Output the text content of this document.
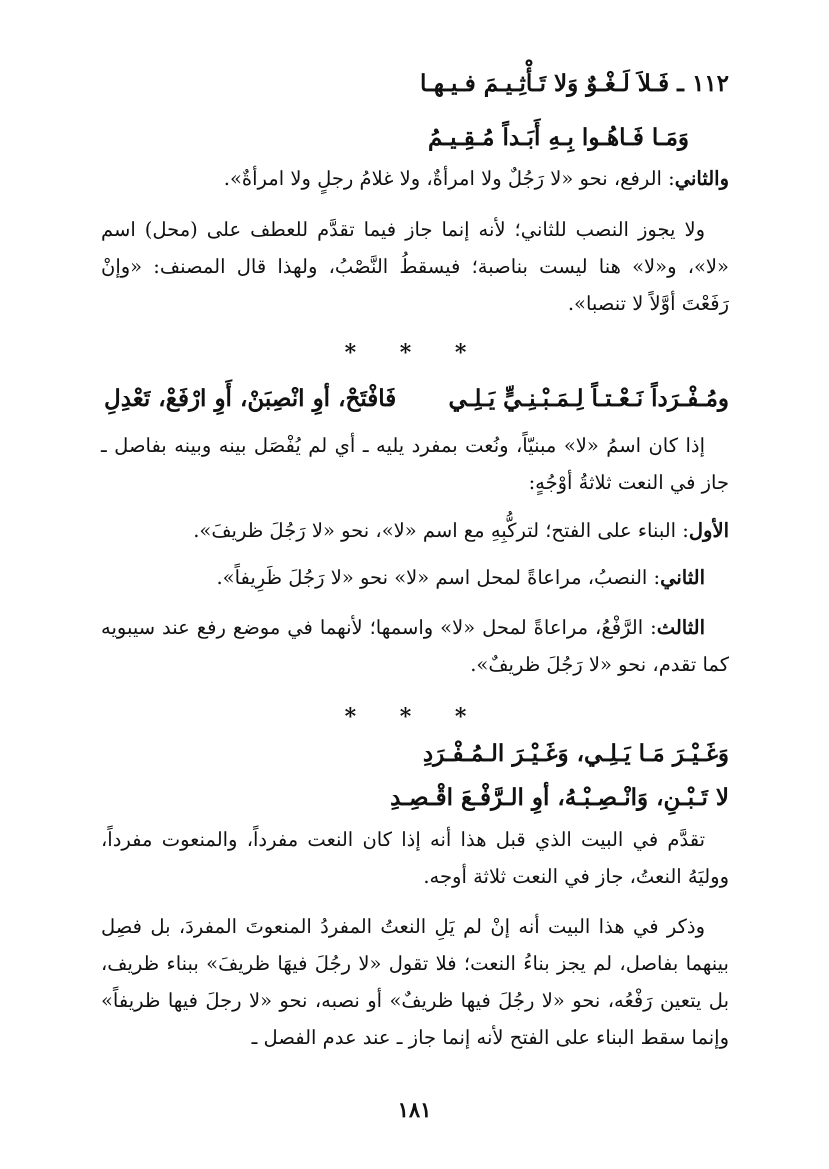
١١٢ ـ فَـلاَ لَـغْـوٌ وَلا تَـأْثِـيـمَ فـيـهـا
وَمَـا فَـاهُـوا بِـهِ أَبَـداً مُـقِـيـمُ

والثاني: الرفع، نحو «لا رَجُلٌ ولا امرأةٌ، ولا غلامُ رجلٍ ولا امرأةٌ».

ولا يجوز النصب للثاني؛ لأنه إنما جاز فيما تقدَّم للعطف على (محل) اسم «لا»، و«لا» هنا ليست بناصبة؛ فيسقطُ النَّصْبُ، ولهذا قال المصنف: «وإنْ رَفَعْتَ أوَّلاً لا تنصبا».

* * *
ومُـفْـرَداً نَـعْـتـاً لِـمَـبْـنِـيٍّ يَـلِـي
فَافْتَحْ، أوِ انْصِبَنْ، أَوِ ارْفَعْ، تَعْدِلِ

إذا كان اسمُ «لا» مبنيّاً، ونُعت بمفرد يليه ـ أي لم يُفْصَل بينه وبينه بفاصل ـ جاز في النعت ثلاثةُ أوْجُهٍ:

الأول: البناء على الفتح؛ لتركُّبِهِ مع اسم «لا»، نحو «لا رَجُلَ ظريفَ».

الثاني: النصبُ، مراعاةً لمحل اسم «لا» نحو «لا رَجُلَ ظَرِيفاً».

الثالث: الرَّفْعُ، مراعاةً لمحل «لا» واسمها؛ لأنهما في موضع رفع عند سيبويه كما تقدم، نحو «لا رَجُلَ ظريفٌ».

* * *
وَغَـيْـرَ مَـا يَـلِـي، وَغَـيْـرَ الـمُـفْـرَدِ
لا تَـبْـنِ، وَانْـصِـبْـهُ، أوِ الـرَّفْـعَ اقْـصِـدِ

تقدَّم في البيت الذي قبل هذا أنه إذا كان النعت مفرداً، والمنعوت مفرداً، ووليَهُ النعتُ، جاز في النعت ثلاثة أوجه.

وذكر في هذا البيت أنه إنْ لم يَلِ النعتُ المفردُ المنعوتَ المفردَ، بل فصِل بينهما بفاصل، لم يجز بناءُ النعت؛ فلا تقول «لا رجُلَ فيهَا ظريفَ» ببناء ظريف، بل يتعين رَفْعُه، نحو «لا رجُلَ فيها ظريفٌ» أو نصبه، نحو «لا رجلَ فيها ظريفاً» وإنما سقط البناء على الفتح لأنه إنما جاز ـ عند عدم الفصل ـ

١٨١
